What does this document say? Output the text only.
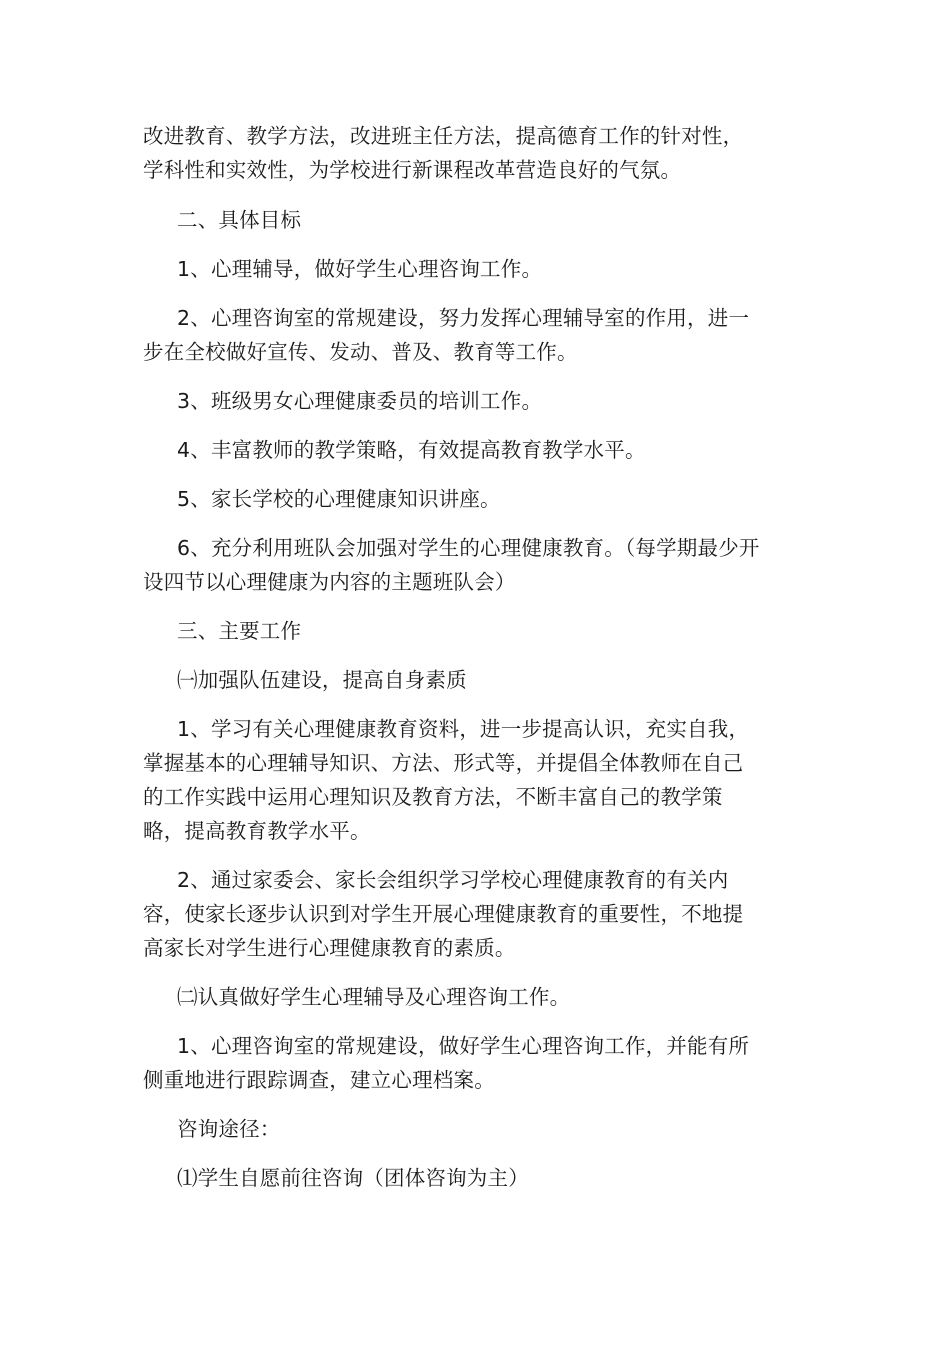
改进教育、教学方法，改进班主任方法，提高德育工作的针对性，学科性和实效性，为学校进行新课程改革营造良好的气氛。

二、具体目标

1、心理辅导，做好学生心理咨询工作。

2、心理咨询室的常规建设，努力发挥心理辅导室的作用，进一步在全校做好宣传、发动、普及、教育等工作。

3、班级男女心理健康委员的培训工作。

4、丰富教师的教学策略，有效提高教育教学水平。

5、家长学校的心理健康知识讲座。

6、充分利用班队会加强对学生的心理健康教育。（每学期最少开设四节以心理健康为内容的主题班队会）

三、主要工作

㈠加强队伍建设，提高自身素质

1、学习有关心理健康教育资料，进一步提高认识，充实自我，掌握基本的心理辅导知识、方法、形式等，并提倡全体教师在自己的工作实践中运用心理知识及教育方法，不断丰富自己的教学策略，提高教育教学水平。

2、通过家委会、家长会组织学习学校心理健康教育的有关内容，使家长逐步认识到对学生开展心理健康教育的重要性，不地提高家长对学生进行心理健康教育的素质。

㈡认真做好学生心理辅导及心理咨询工作。

1、心理咨询室的常规建设，做好学生心理咨询工作，并能有所侧重地进行跟踪调查，建立心理档案。

咨询途径：

⑴学生自愿前往咨询（团体咨询为主）
